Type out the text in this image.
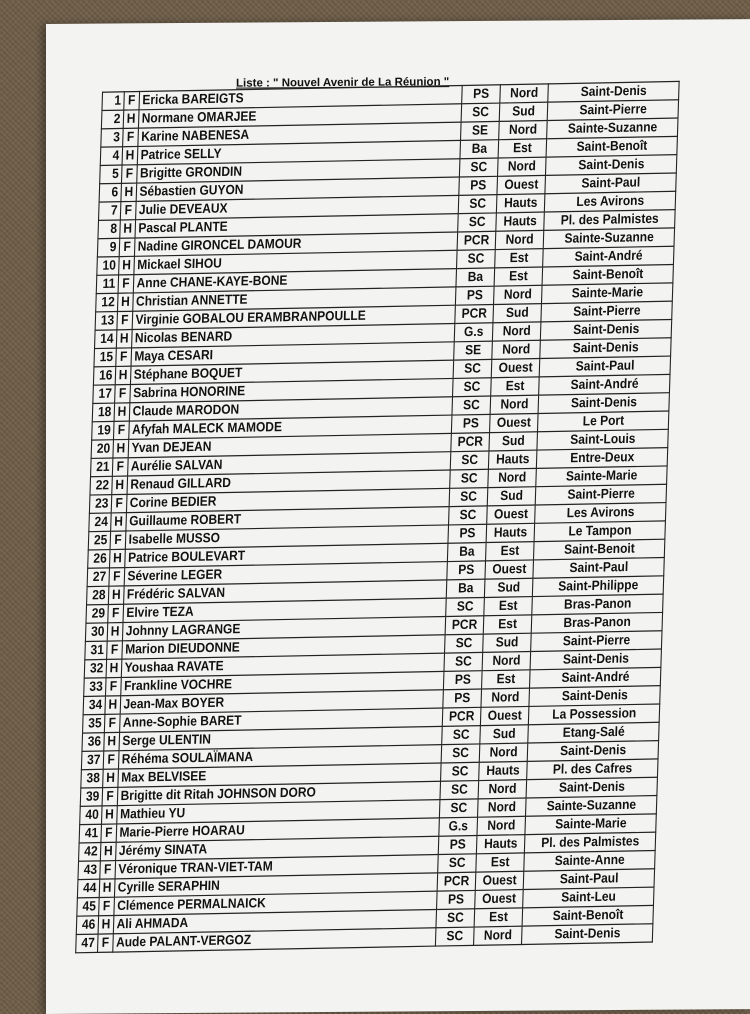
Liste : " Nouvel Avenir de La Réunion "
1	F	Ericka BAREIGTS	PS	Nord	Saint-Denis
2	H	Normane OMARJEE	SC	Sud	Saint-Pierre
3	F	Karine NABENESA	SE	Nord	Sainte-Suzanne
4	H	Patrice SELLY	Ba	Est	Saint-Benoît
5	F	Brigitte GRONDIN	SC	Nord	Saint-Denis
6	H	Sébastien GUYON	PS	Ouest	Saint-Paul
7	F	Julie DEVEAUX	SC	Hauts	Les Avirons
8	H	Pascal PLANTE	SC	Hauts	Pl. des Palmistes
9	F	Nadine GIRONCEL DAMOUR	PCR	Nord	Sainte-Suzanne
10	H	Mickael SIHOU	SC	Est	Saint-André
11	F	Anne CHANE-KAYE-BONE	Ba	Est	Saint-Benoît
12	H	Christian ANNETTE	PS	Nord	Sainte-Marie
13	F	Virginie GOBALOU ERAMBRANPOULLE	PCR	Sud	Saint-Pierre
14	H	Nicolas BENARD	G.s	Nord	Saint-Denis
15	F	Maya CESARI	SE	Nord	Saint-Denis
16	H	Stéphane BOQUET	SC	Ouest	Saint-Paul
17	F	Sabrina HONORINE	SC	Est	Saint-André
18	H	Claude MARODON	SC	Nord	Saint-Denis
19	F	Afyfah MALECK MAMODE	PS	Ouest	Le Port
20	H	Yvan DEJEAN	PCR	Sud	Saint-Louis
21	F	Aurélie SALVAN	SC	Hauts	Entre-Deux
22	H	Renaud GILLARD	SC	Nord	Sainte-Marie
23	F	Corine BEDIER	SC	Sud	Saint-Pierre
24	H	Guillaume ROBERT	SC	Ouest	Les Avirons
25	F	Isabelle MUSSO	PS	Hauts	Le Tampon
26	H	Patrice BOULEVART	Ba	Est	Saint-Benoit
27	F	Séverine LEGER	PS	Ouest	Saint-Paul
28	H	Frédéric SALVAN	Ba	Sud	Saint-Philippe
29	F	Elvire TEZA	SC	Est	Bras-Panon
30	H	Johnny LAGRANGE	PCR	Est	Bras-Panon
31	F	Marion DIEUDONNE	SC	Sud	Saint-Pierre
32	H	Youshaa RAVATE	SC	Nord	Saint-Denis
33	F	Frankline VOCHRE	PS	Est	Saint-André
34	H	Jean-Max BOYER	PS	Nord	Saint-Denis
35	F	Anne-Sophie BARET	PCR	Ouest	La Possession
36	H	Serge ULENTIN	SC	Sud	Etang-Salé
37	F	Réhéma SOULAÏMANA	SC	Nord	Saint-Denis
38	H	Max BELVISEE	SC	Hauts	Pl. des Cafres
39	F	Brigitte dit Ritah JOHNSON DORO	SC	Nord	Saint-Denis
40	H	Mathieu YU	SC	Nord	Sainte-Suzanne
41	F	Marie-Pierre HOARAU	G.s	Nord	Sainte-Marie
42	H	Jérémy SINATA	PS	Hauts	Pl. des Palmistes
43	F	Véronique TRAN-VIET-TAM	SC	Est	Sainte-Anne
44	H	Cyrille SERAPHIN	PCR	Ouest	Saint-Paul
45	F	Clémence PERMALNAICK	PS	Ouest	Saint-Leu
46	H	Ali AHMADA	SC	Est	Saint-Benoît
47	F	Aude PALANT-VERGOZ	SC	Nord	Saint-Denis
